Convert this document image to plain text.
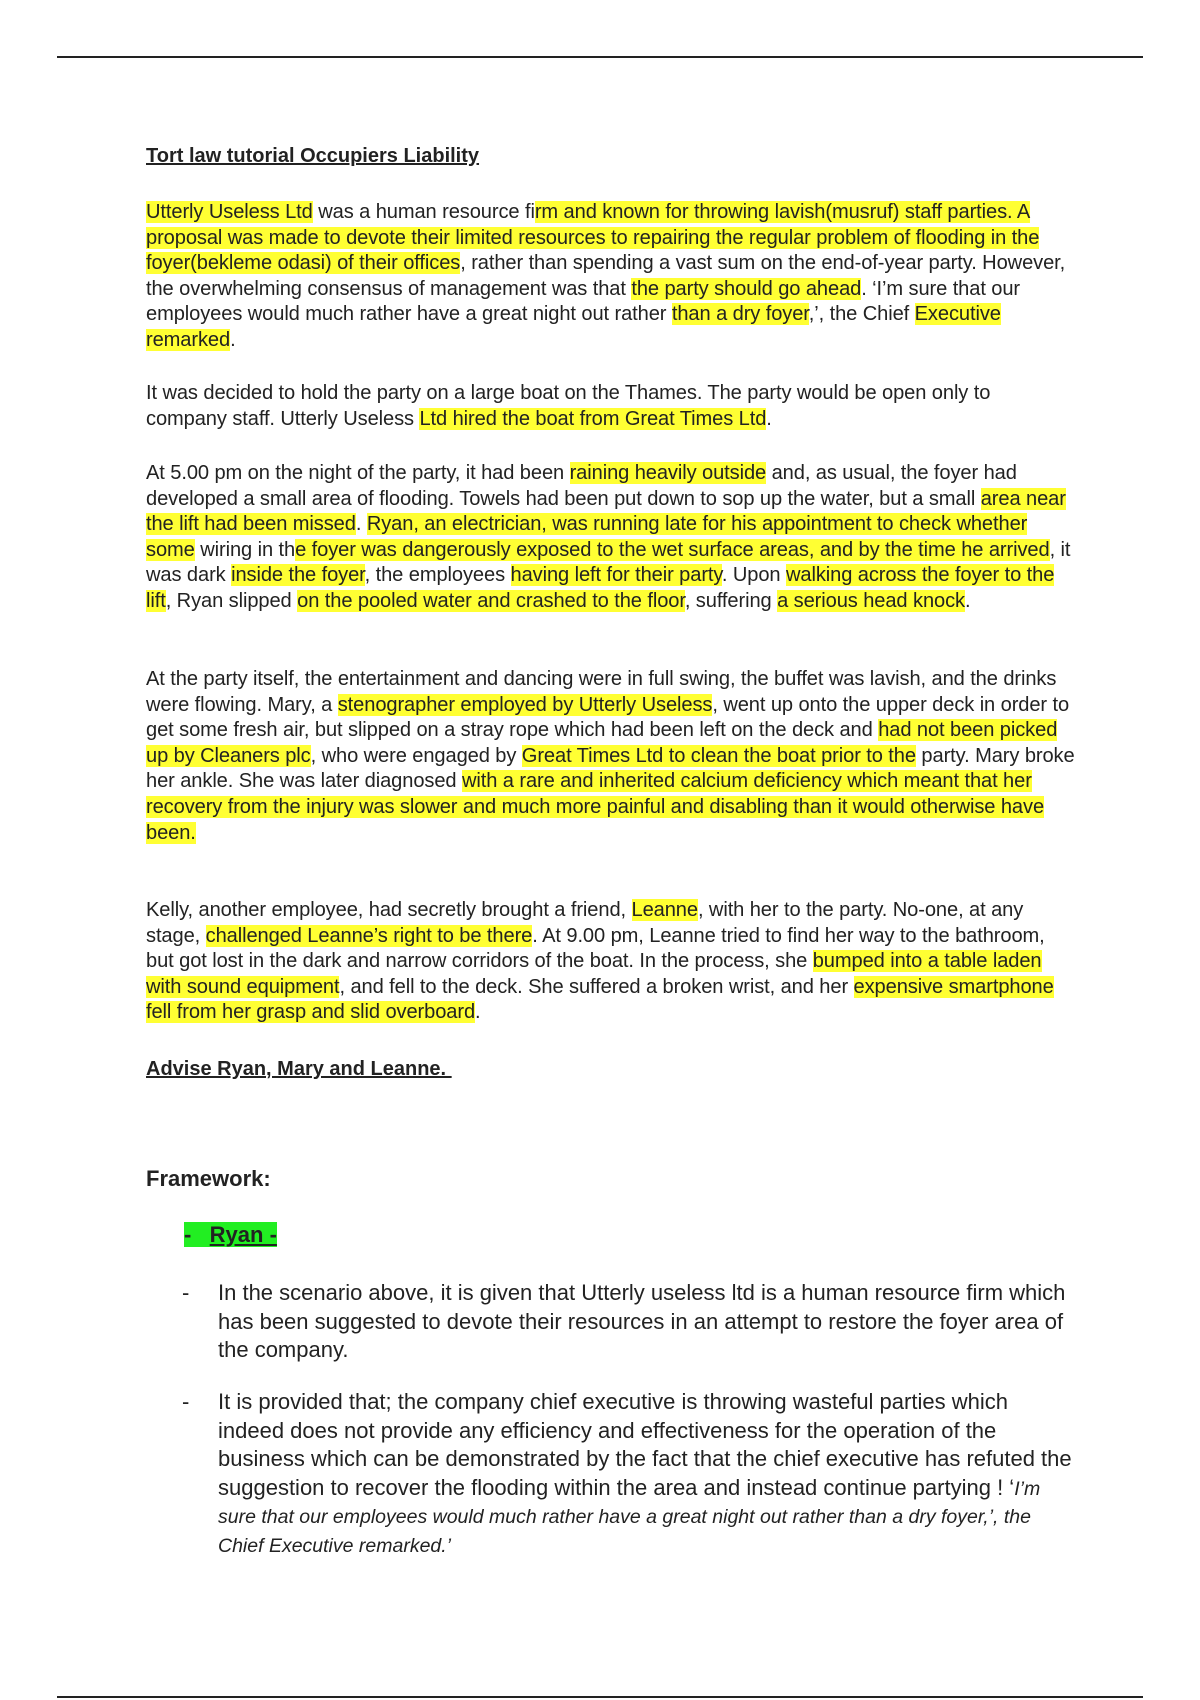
Tort law tutorial Occupiers Liability

Utterly Useless Ltd was a human resource firm and known for throwing lavish(musruf) staff parties. A proposal was made to devote their limited resources to repairing the regular problem of flooding in the foyer(bekleme odasi) of their offices, rather than spending a vast sum on the end-of-year party. However, the overwhelming consensus of management was that the party should go ahead. ‘I’m sure that our employees would much rather have a great night out rather than a dry foyer,’, the Chief Executive remarked.

It was decided to hold the party on a large boat on the Thames. The party would be open only to company staff. Utterly Useless Ltd hired the boat from Great Times Ltd.

At 5.00 pm on the night of the party, it had been raining heavily outside and, as usual, the foyer had developed a small area of flooding. Towels had been put down to sop up the water, but a small area near the lift had been missed. Ryan, an electrician, was running late for his appointment to check whether some wiring in the foyer was dangerously exposed to the wet surface areas, and by the time he arrived, it was dark inside the foyer, the employees having left for their party. Upon walking across the foyer to the lift, Ryan slipped on the pooled water and crashed to the floor, suffering a serious head knock.

At the party itself, the entertainment and dancing were in full swing, the buffet was lavish, and the drinks were flowing. Mary, a stenographer employed by Utterly Useless, went up onto the upper deck in order to get some fresh air, but slipped on a stray rope which had been left on the deck and had not been picked up by Cleaners plc, who were engaged by Great Times Ltd to clean the boat prior to the party. Mary broke her ankle. She was later diagnosed with a rare and inherited calcium deficiency which meant that her recovery from the injury was slower and much more painful and disabling than it would otherwise have been.

Kelly, another employee, had secretly brought a friend, Leanne, with her to the party. No-one, at any stage, challenged Leanne’s right to be there. At 9.00 pm, Leanne tried to find her way to the bathroom, but got lost in the dark and narrow corridors of the boat. In the process, she bumped into a table laden with sound equipment, and fell to the deck. She suffered a broken wrist, and her expensive smartphone fell from her grasp and slid overboard.

Advise Ryan, Mary and Leanne.

Framework:

- Ryan -

- In the scenario above, it is given that Utterly useless ltd is a human resource firm which has been suggested to devote their resources in an attempt to restore the foyer area of the company.

- It is provided that; the company chief executive is throwing wasteful parties which indeed does not provide any efficiency and effectiveness for the operation of the business which can be demonstrated by the fact that the chief executive has refuted the suggestion to recover the flooding within the area and instead continue partying ! ‘I’m sure that our employees would much rather have a great night out rather than a dry foyer,’, the Chief Executive remarked.’
